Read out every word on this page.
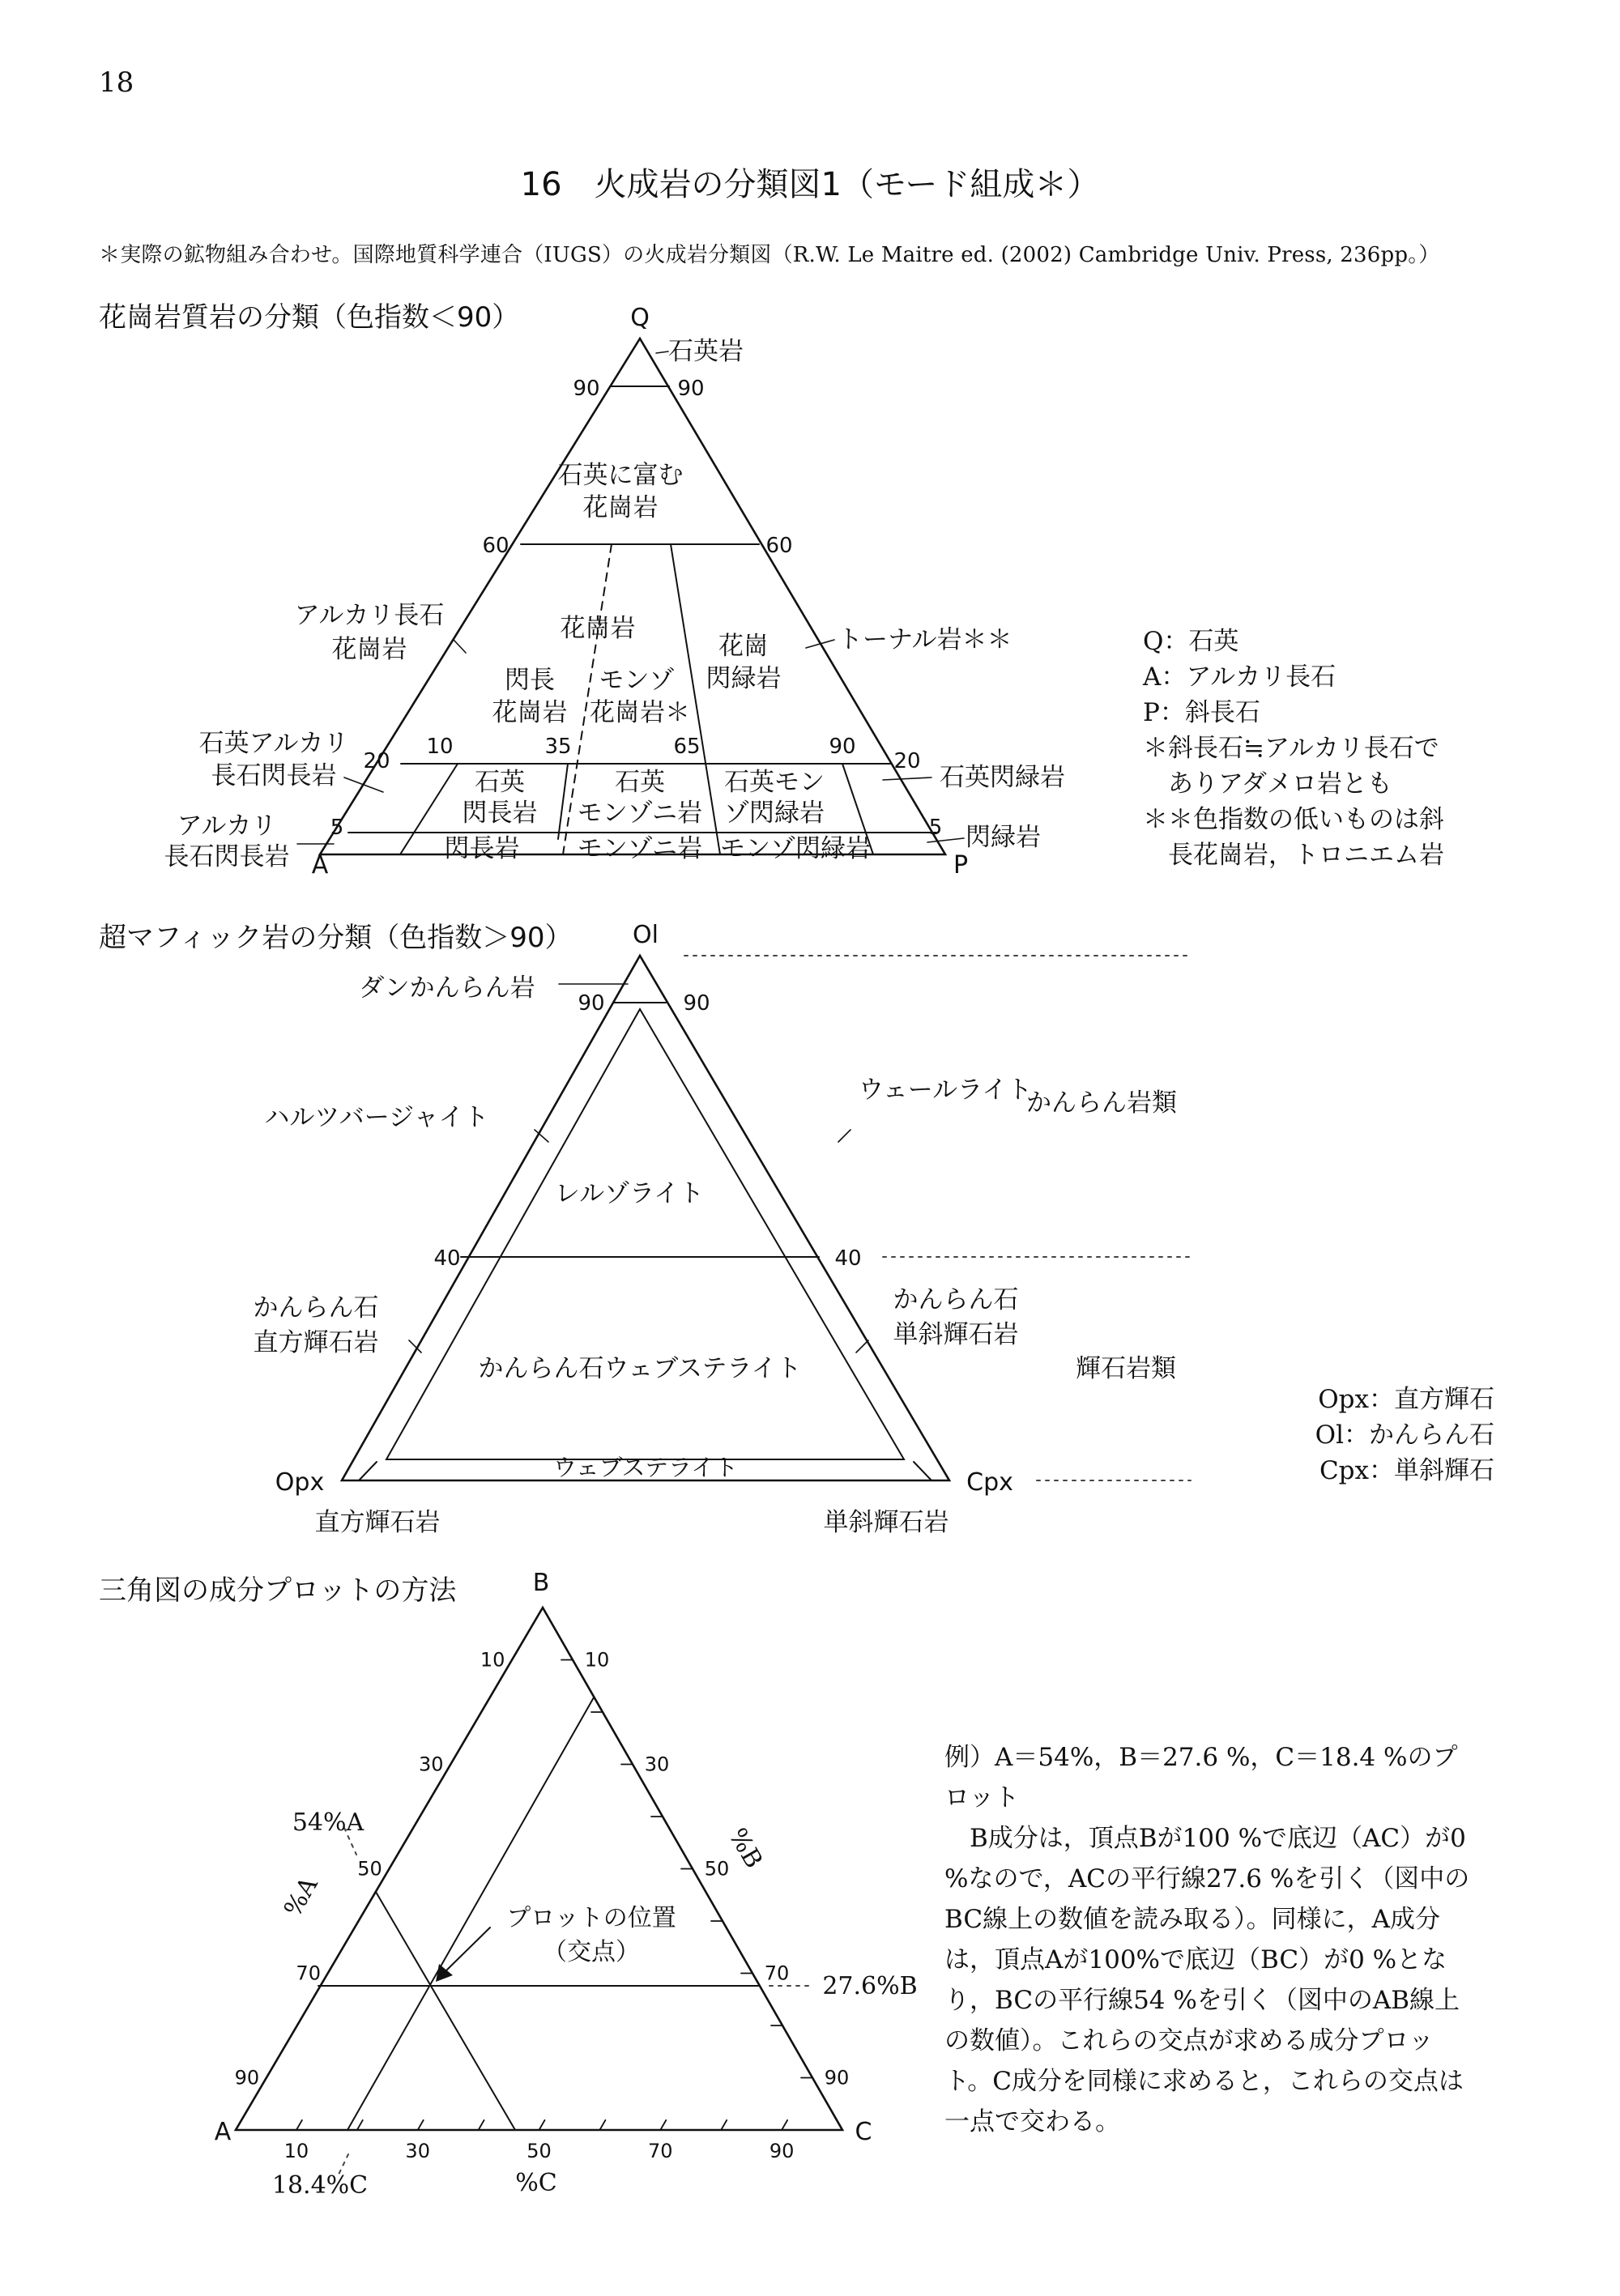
18
16　火成岩の分類図1（モード組成＊）
＊実際の鉱物組み合わせ。国際地質科学連合（IUGS）の火成岩分類図（R.W. Le Maitre ed. (2002) Cambridge Univ. Press, 236pp。）
花崗岩質岩の分類（色指数＜90）
超マフィック岩の分類（色指数＞90）
三角図の成分プロットの方法
Q
A	P
90	90
60	60
20	20
5	5
10	35	65	90
石英岩
石英に富む
花崗岩
アルカリ長石
花崗岩
花崗岩
閃長
花崗岩
モンゾ
花崗岩＊
花崗
閃緑岩
トーナル岩＊＊
石英アルカリ
長石閃長岩	石英
閃長岩
石英
モンゾニ岩
石英モン
ゾ閃緑岩
石英閃緑岩
アルカリ
長石閃長岩	閃長岩 モンゾニ岩 モンゾ閃緑岩	閃緑岩
Ol
Opx	Cpx
90	90
40	40
ダンかんらん岩
ハルツバージャイト
ウェールライト
レルゾライト
かんらん石
直方輝石岩
かんらん石
単斜輝石岩
かんらん石ウェブステライト
ウェブステライト
直方輝石岩	単斜輝石岩
かんらん岩類
輝石岩類
B
A	C
10
90
10
30
70
30
50	50
50
70
30
70
90
10
90
54%A
27.6%B
18.4%C	%C
%A
%B
プロットの位置
（交点）
Q：石英
A：アルカリ長石
P：斜長石
＊斜長石≒アルカリ長石で
　ありアダメロ岩とも
＊＊色指数の低いものは斜
　長花崗岩，トロニエム岩
Opx：直方輝石
Ol：かんらん石
Cpx：単斜輝石
例）A＝54%，B＝27.6 %，C＝18.4 %のプロット
　B成分は，頂点Bが100 %で底辺（AC）が0 %なので，ACの平行線27.6 %を引く（図中のBC線上の数値を読み取る）。同様に，A成分は，頂点Aが100%で底辺（BC）が0 %となり，BCの平行線54 %を引く（図中のAB線上の数値）。これらの交点が求める成分プロット。C成分を同様に求めると，これらの交点は一点で交わる。
